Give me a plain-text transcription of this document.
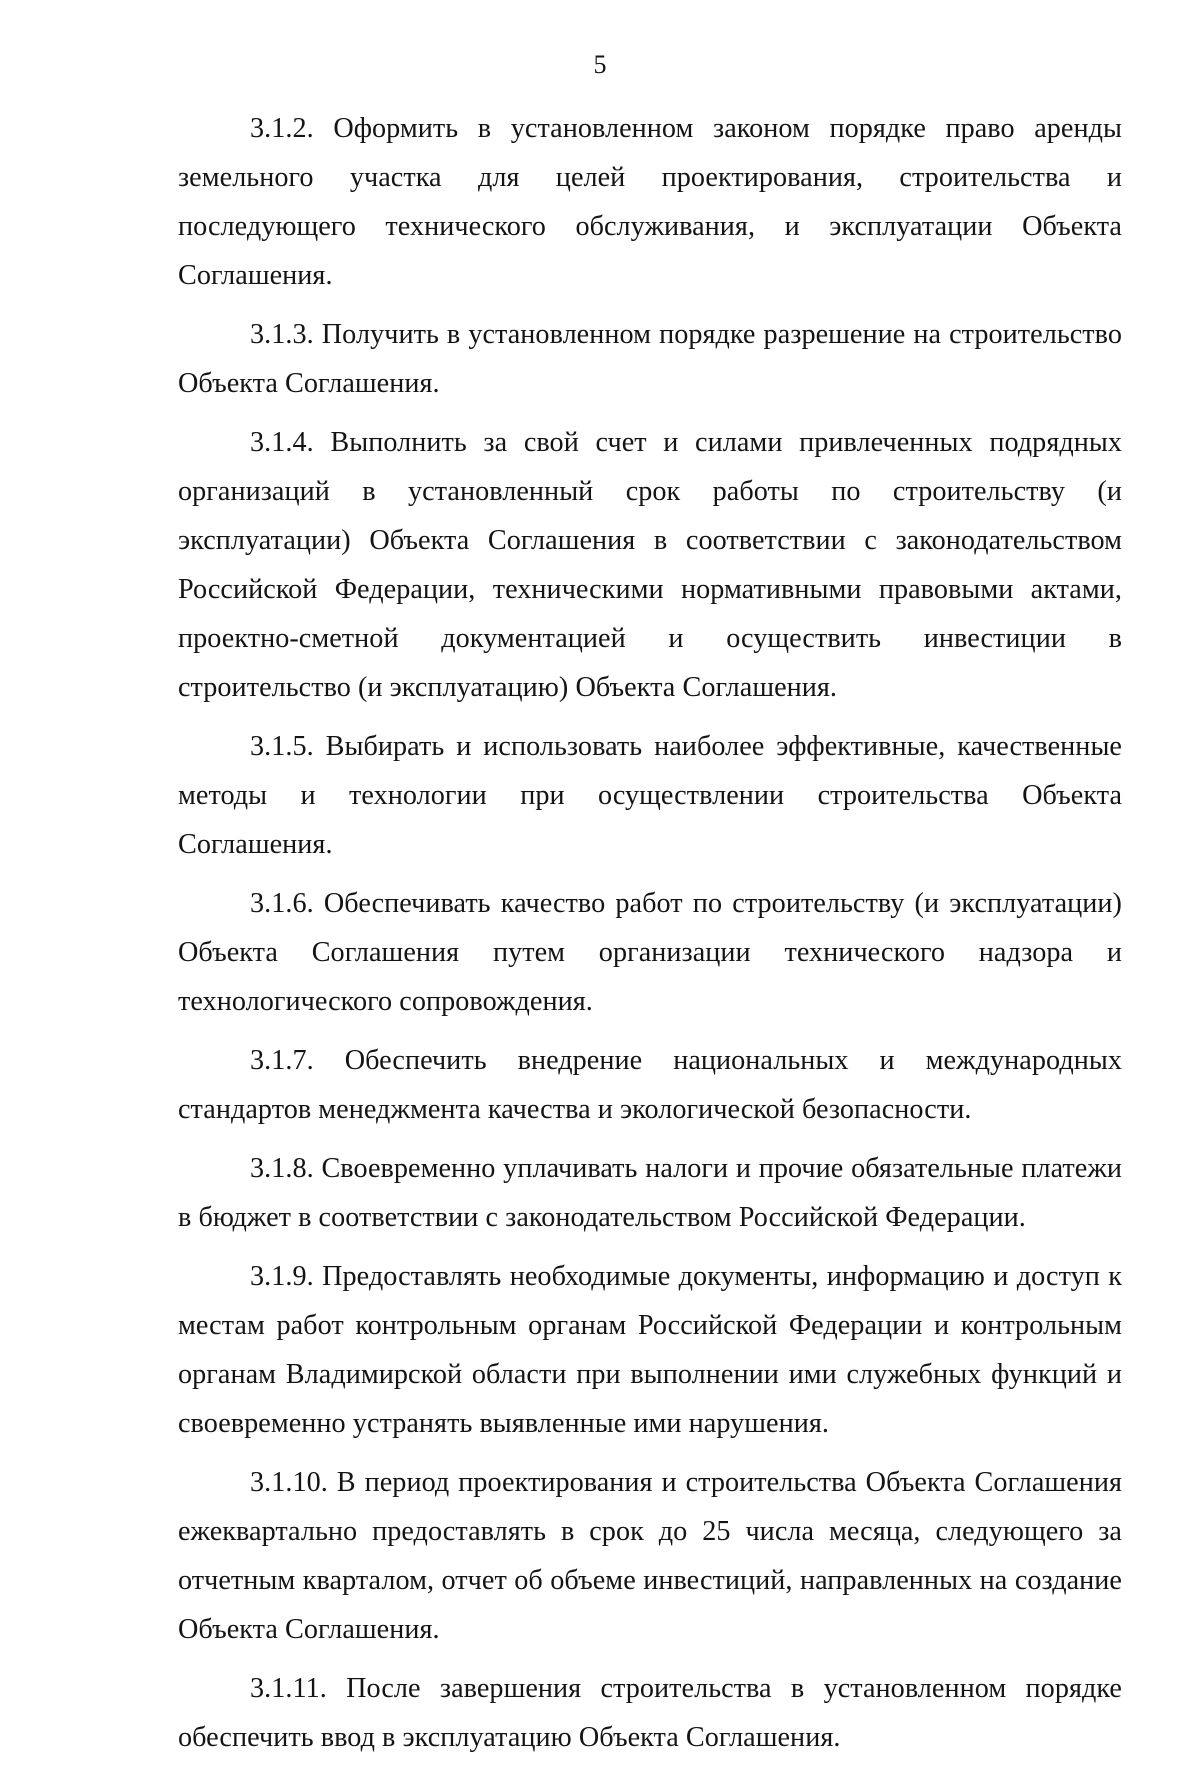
5

3.1.2. Оформить в установленном законом порядке право аренды земельного участка для целей проектирования, строительства и последующего технического обслуживания, и эксплуатации Объекта Соглашения.

3.1.3. Получить в установленном порядке разрешение на строительство Объекта Соглашения.

3.1.4. Выполнить за свой счет и силами привлеченных подрядных организаций в установленный срок работы по строительству (и эксплуатации) Объекта Соглашения в соответствии с законодательством Российской Федерации, техническими нормативными правовыми актами, проектно-сметной документацией и осуществить инвестиции в строительство (и эксплуатацию) Объекта Соглашения.

3.1.5. Выбирать и использовать наиболее эффективные, качественные методы и технологии при осуществлении строительства Объекта Соглашения.

3.1.6. Обеспечивать качество работ по строительству (и эксплуатации) Объекта Соглашения путем организации технического надзора и технологического сопровождения.

3.1.7. Обеспечить внедрение национальных и международных стандартов менеджмента качества и экологической безопасности.

3.1.8. Своевременно уплачивать налоги и прочие обязательные платежи в бюджет в соответствии с законодательством Российской Федерации.

3.1.9. Предоставлять необходимые документы, информацию и доступ к местам работ контрольным органам Российской Федерации и контрольным органам Владимирской области при выполнении ими служебных функций и своевременно устранять выявленные ими нарушения.

3.1.10. В период проектирования и строительства Объекта Соглашения ежеквартально предоставлять в срок до 25 числа месяца, следующего за отчетным кварталом, отчет об объеме инвестиций, направленных на создание Объекта Соглашения.

3.1.11. После завершения строительства в установленном порядке обеспечить ввод в эксплуатацию Объекта Соглашения.
